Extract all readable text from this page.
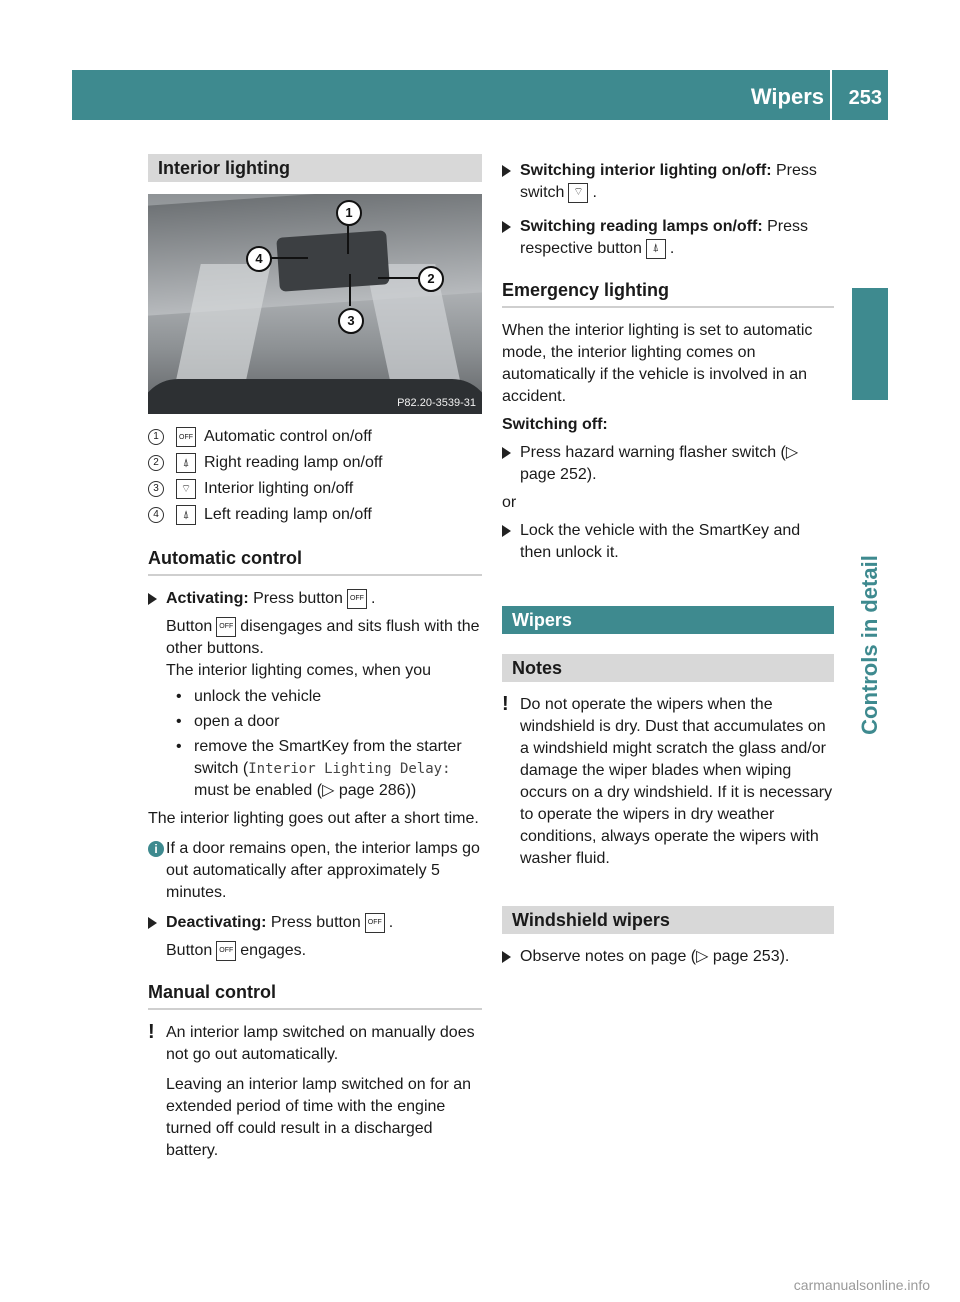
Wipers 253
Controls in detail
Interior lighting
1
2
3
4
P82.20-3539-31
1	OFF Automatic control on/off
2	⍋ Right reading lamp on/off
3	⌔ Interior lighting on/off
4	⍋ Left reading lamp on/off
Automatic control
Activating: Press button OFF .
Button OFF disengages and sits flush with the other buttons.
The interior lighting comes, when you
• unlock the vehicle
• open a door
• remove the SmartKey from the starter switch (Interior Lighting Delay: must be enabled (▷ page 286))
The interior lighting goes out after a short time.
i If a door remains open, the interior lamps go out automatically after approximately 5 minutes.
Deactivating: Press button OFF .
Button OFF engages.
Manual control
! An interior lamp switched on manually does not go out automatically.
Leaving an interior lamp switched on for an extended period of time with the engine turned off could result in a discharged battery.
Switching interior lighting on/off: Press switch ⌔ .
Switching reading lamps on/off: Press respective button ⍋ .
Emergency lighting
When the interior lighting is set to automatic mode, the interior lighting comes on automatically if the vehicle is involved in an accident.
Switching off:
Press hazard warning flasher switch (▷ page 252).
or
Lock the vehicle with the SmartKey and then unlock it.
Wipers
Notes
! Do not operate the wipers when the windshield is dry. Dust that accumulates on a windshield might scratch the glass and/or damage the wiper blades when wiping occurs on a dry windshield. If it is necessary to operate the wipers in dry weather conditions, always operate the wipers with washer fluid.
Windshield wipers
Observe notes on page (▷ page 253).
carmanualsonline.info
